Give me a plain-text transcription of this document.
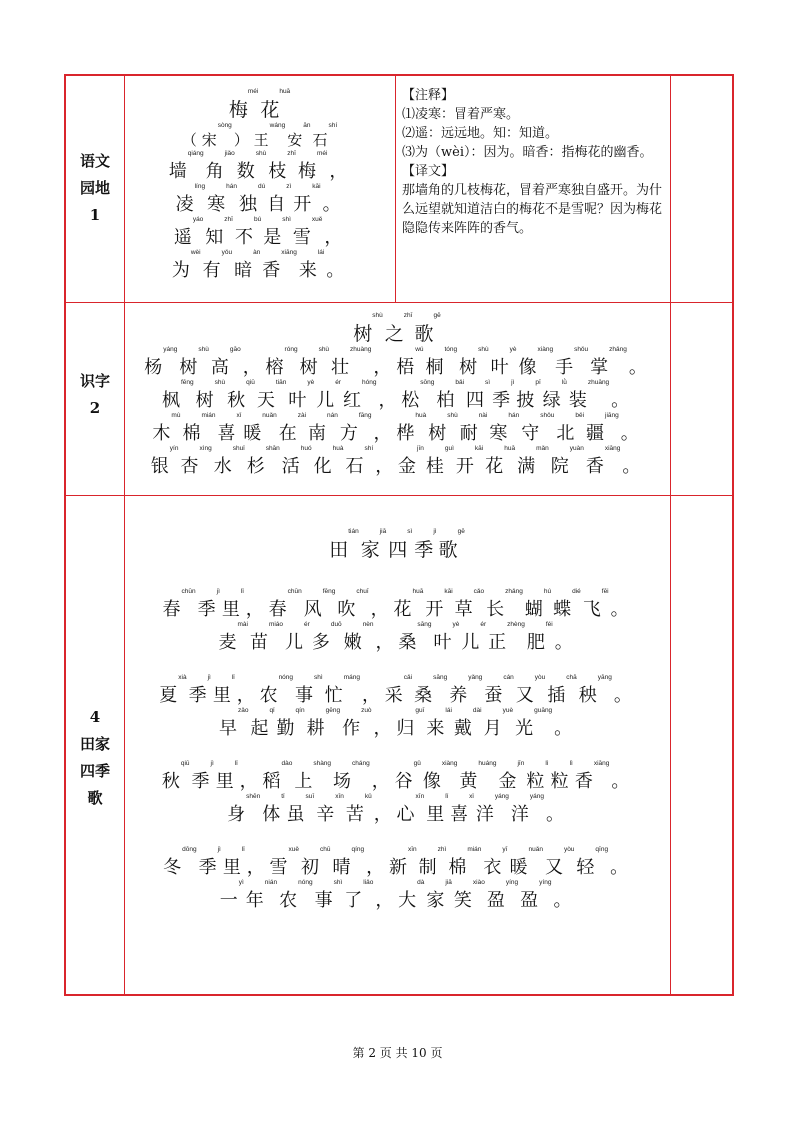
语文
园地
1
梅méi花huā
（ 宋sòng） 王wáng安ān石shí
墙qiáng角jiǎo数shù枝zhī梅méi，
凌líng寒hán独dú自zì开kāi。
遥yáo知zhī不bú是shì雪xuě，
为wèi有yǒu暗àn香xiāng来lái。

【注释】

⑴凌寒：冒着严寒。

⑵遥：远远地。知：知道。

⑶为（wèi）：因为。暗香：指梅花的幽香。

【译文】

那墙角的几枝梅花，冒着严寒独自盛开。为什么远望就知道洁白的梅花不是雪呢？因为梅花隐隐传来阵阵的香气。

识字
2
树shù之zhī歌gē
杨yáng树shù高gāo， 榕róng树shù壮zhuàng， 梧wú桐tóng树shù叶yè像xiàng手shǒu掌zhǎng。
枫fēng树shù秋qiū天tiān叶yè儿ér红hóng， 松sōng柏bǎi四sì季jì披pī绿lǜ装zhuāng。
木mù棉mián喜xǐ暖nuǎn在zài南nán方fāng， 桦huà树shù耐nài寒hán守shǒu北běi疆jiāng。
银yín杏xìng水shuǐ杉shān活huó化huà石shí， 金jīn桂guì开kāi花huā满mǎn院yuàn香xiāng。
4
田家
四季
歌
田tián家jiā四sì季jì歌gē
春chūn季jì里lǐ， 春chūn风fēng吹chuī， 花huā开kāi草cǎo长zhǎng蝴hú蝶dié飞fēi。
麦mài苗miáo儿ér多duō嫩nèn， 桑sāng叶yè儿ér正zhèng肥féi。
夏xià季jì里lǐ， 农nóng事shì忙máng， 采cǎi桑sāng养yǎng蚕cán又yòu插chā秧yāng。
早zǎo起qǐ勤qín耕gēng作zuò， 归guī来lái戴dài月yuè光guāng。
秋qiū季jì里lǐ， 稻dào上shàng场cháng， 谷gǔ像xiàng黄huáng金jīn粒lì粒lì香xiāng。
身shēn体tǐ虽suī辛xīn苦kǔ， 心xīn里lǐ喜xǐ洋yáng洋yáng。
冬dōng季jì里lǐ， 雪xuě初chū晴qíng， 新xīn制zhì棉mián衣yī暖nuǎn又yòu轻qīng。
一yì年nián农nóng事shì了liǎo， 大dà家jiā笑xiào盈yíng盈yíng。
第 2 页 共 10 页
